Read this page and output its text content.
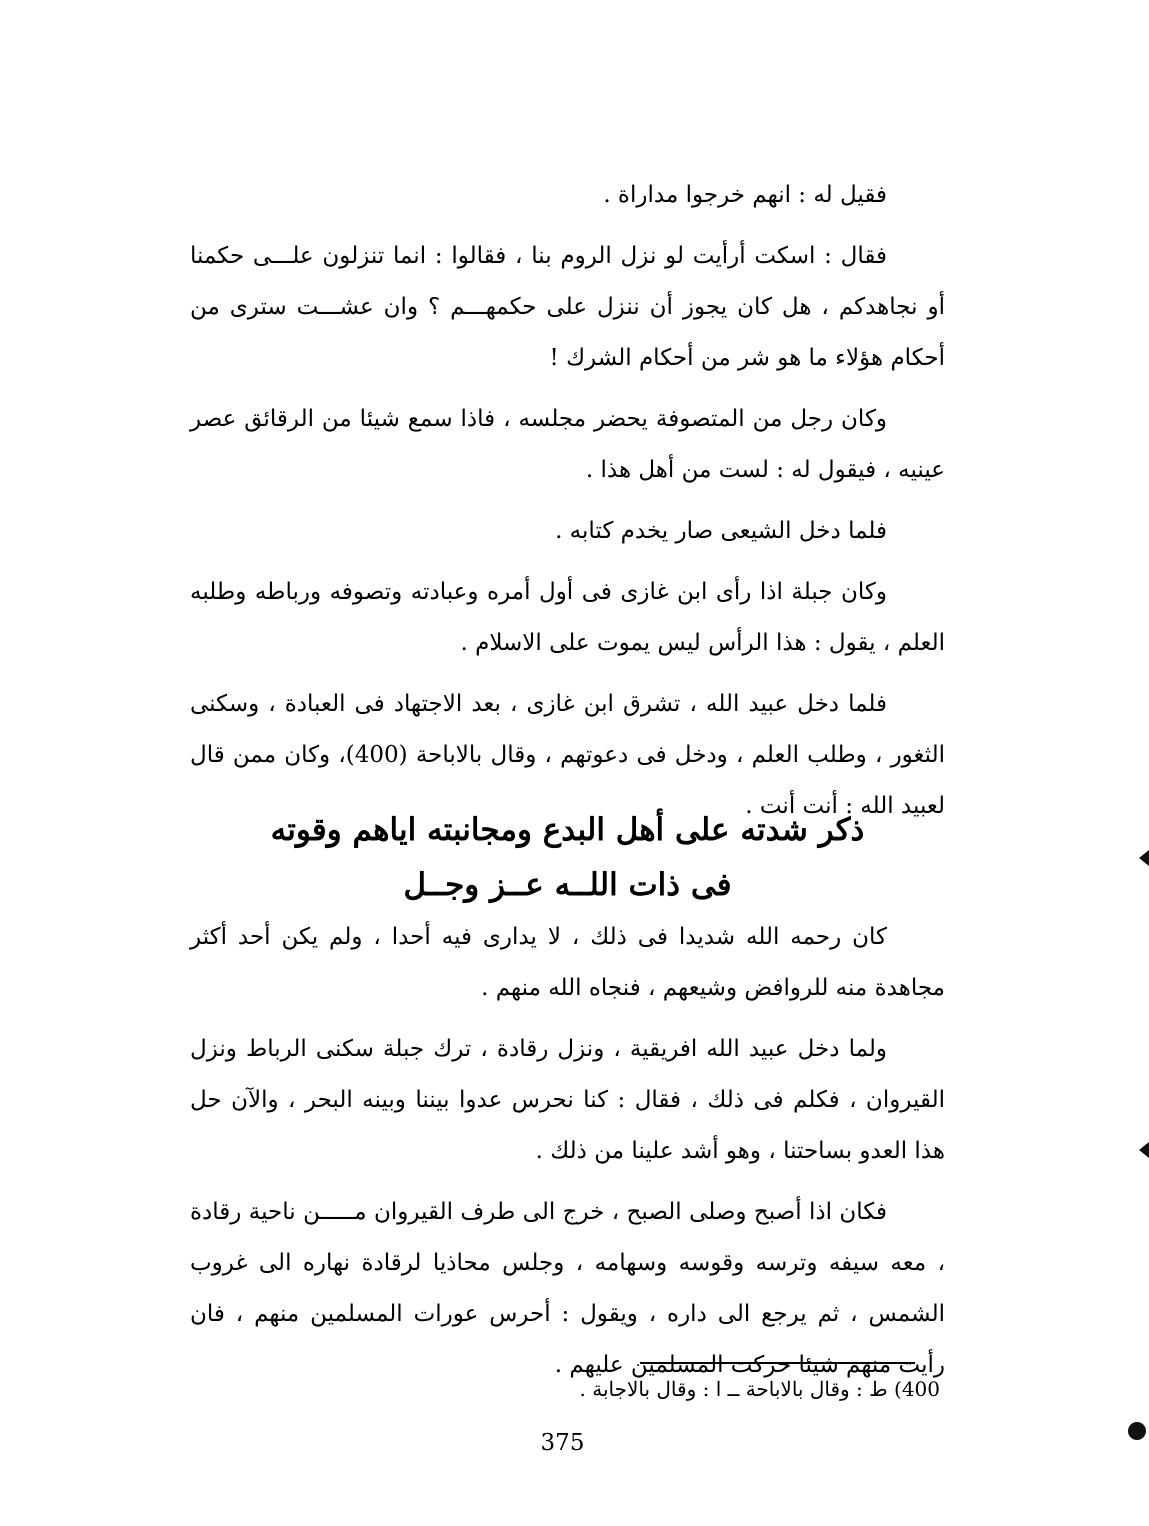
فقيل له : انهم خرجوا مداراة .

فقال : اسكت أرأيت لو نزل الروم بنا ، فقالوا : انما تنزلون علـــى حكمنا أو نجاهدكم ، هل كان يجوز أن ننزل على حكمهـــم ؟ وان عشـــت سترى من أحكام هؤلاء ما هو شر من أحكام الشرك !

وكان رجل من المتصوفة يحضر مجلسه ، فاذا سمع شيئا من الرقائق عصر عينيه ، فيقول له : لست من أهل هذا .

فلما دخل الشيعى صار يخدم كتابه .

وكان جبلة اذا رأى ابن غازى فى أول أمره وعبادته وتصوفه ورباطه وطلبه العلم ، يقول : هذا الرأس ليس يموت على الاسلام .

فلما دخل عبيد الله ، تشرق ابن غازى ، بعد الاجتهاد فى العبادة ، وسكنى الثغور ، وطلب العلم ، ودخل فى دعوتهم ، وقال بالاباحة (400)، وكان ممن قال لعبيد الله : أنت أنت .

ذكر شدته على أهل البدع ومجانبته اياهم وقوته
فى ذات اللــه عــز وجــل

كان رحمه الله شديدا فى ذلك ، لا يدارى فيه أحدا ، ولم يكن أحد أكثر مجاهدة منه للروافض وشيعهم ، فنجاه الله منهم .

ولما دخل عبيد الله افريقية ، ونزل رقادة ، ترك جبلة سكنى الرباط ونزل القيروان ، فكلم فى ذلك ، فقال : كنا نحرس عدوا بيننا وبينه البحر ، والآن حل هذا العدو بساحتنا ، وهو أشد علينا من ذلك .

فكان اذا أصبح وصلى الصبح ، خرج الى طرف القيروان مـــــن ناحية رقادة ، معه سيفه وترسه وقوسه وسهامه ، وجلس محاذيا لرقادة نهاره الى غروب الشمس ، ثم يرجع الى داره ، ويقول : أحرس عورات المسلمين منهم ، فان رأيت منهم شيئا حركت المسلمين عليهم .

400) ط : وقال بالاباحة ــ ا : وقال بالاجابة .
375
